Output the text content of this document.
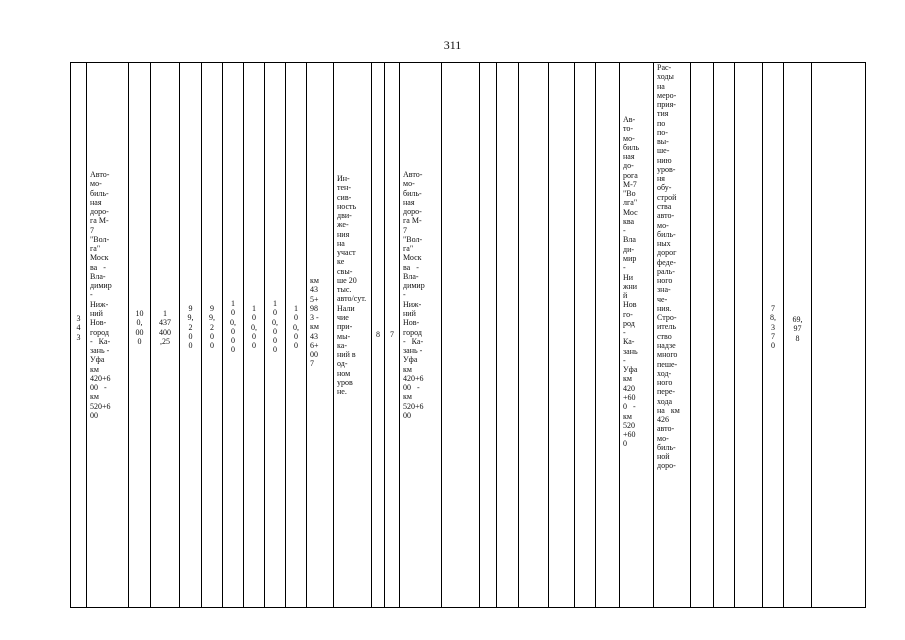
311
3
4
3
Авто-
мо-
биль-
ная
доро-
га М-
7
"Вол-
га"
Моск
ва   -
Вла-
димир
-
Ниж-
ний
Нов-
город
-   Ка-
зань -
Уфа
км
420+6
00   -
км
520+6
00
10
0,
00
0
1
437
400
,25
9
9,
2
0
0
9
9,
2
0
0
1
0
0,
0
0
0
1
0
0,
0
0
1
0
0,
0
0
0
1
0
0,
0
0
км
43
5+
98
3 -
км
43
6+
00
7
Ин-
тен-
сив-
ность
дви-
же-
ния
на
участ
ке
свы-
ше 20
тыс.
авто/сут.
Нали
чие
при-
мы-
ка-
ний в
од-
ном
уров
не.
8	7
Авто-
мо-
биль-
ная
доро-
га М-
7
"Вол-
га"
Моск
ва   -
Вла-
димир
-
Ниж-
ний
Нов-
город
-   Ка-
зань -
Уфа
км
420+6
00   -
км
520+6
00
Ав-
то-
мо-
биль
ная
до-
рога
М-7
"Во
лга"
Мос
ква
-
Вла
ди-
мир
-
Ни
жни
й
Нов
го-
род
-
Ка-
зань
-
Уфа
км
420
+60
0   -
км
520
+60
0
Рас-
ходы
на
меро-
прия-
тия
по
по-
вы-
ше-
нию
уров-
ня
обу-
строй
ства
авто-
мо-
биль-
ных
дорог
феде-
раль-
ного
зна-
че-
ния.
Стро-
итель
ство
надзе
много
пеше-
ход-
ного
пере-
хода
на   км
426
авто-
мо-
биль-
ной
доро-
7
8,
3
7
0
69,
97
8
